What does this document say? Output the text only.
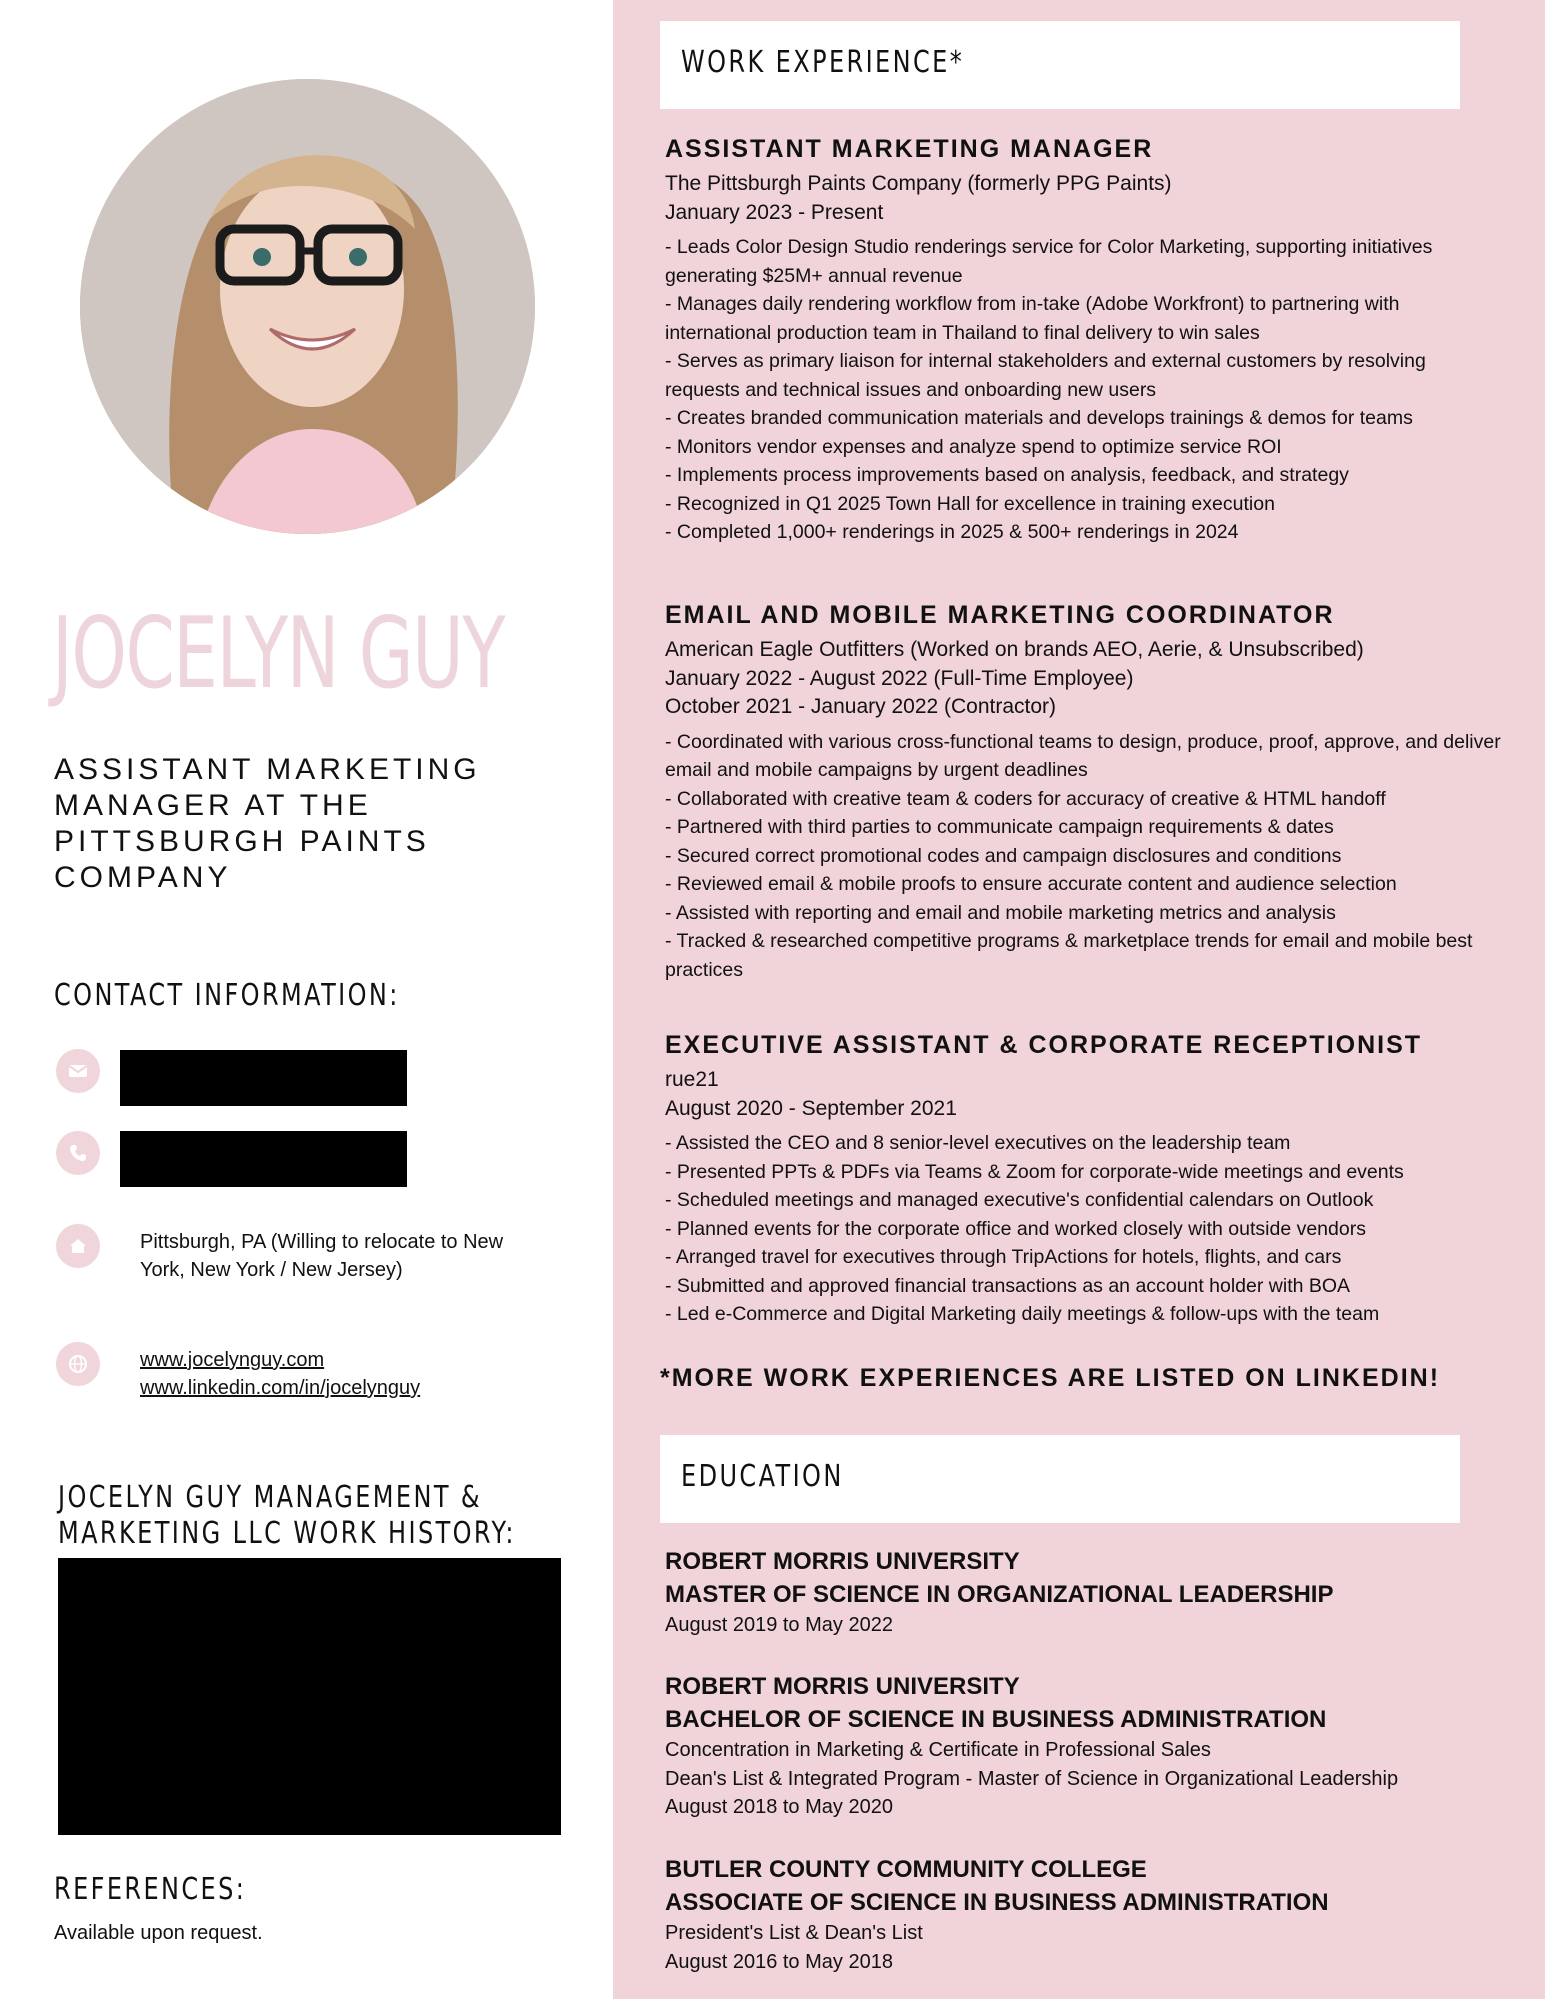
JOCELYN GUY
ASSISTANT MARKETING MANAGER AT THE PITTSBURGH PAINTS COMPANY
CONTACT INFORMATION:
Pittsburgh, PA (Willing to relocate to New York, New York / New Jersey)
www.jocelynguy.com
www.linkedin.com/in/jocelynguy
JOCELYN GUY MANAGEMENT & MARKETING LLC WORK HISTORY:
REFERENCES:
Available upon request.
WORK EXPERIENCE*
ASSISTANT MARKETING MANAGER
The Pittsburgh Paints Company (formerly PPG Paints)
January 2023 - Present
- Leads Color Design Studio renderings service for Color Marketing, supporting initiatives generating $25M+ annual revenue
- Manages daily rendering workflow from in-take (Adobe Workfront) to partnering with international production team in Thailand to final delivery to win sales
- Serves as primary liaison for internal stakeholders and external customers by resolving requests and technical issues and onboarding new users
- Creates branded communication materials and develops trainings & demos for teams
- Monitors vendor expenses and analyze spend to optimize service ROI
- Implements process improvements based on analysis, feedback, and strategy
- Recognized in Q1 2025 Town Hall for excellence in training execution
- Completed 1,000+ renderings in 2025 & 500+ renderings in 2024
EMAIL AND MOBILE MARKETING COORDINATOR
American Eagle Outfitters (Worked on brands AEO, Aerie, & Unsubscribed)
January 2022 - August 2022 (Full-Time Employee)
October 2021 - January 2022 (Contractor)
- Coordinated with various cross-functional teams to design, produce, proof, approve, and deliver email and mobile campaigns by urgent deadlines
- Collaborated with creative team & coders for accuracy of creative & HTML handoff
- Partnered with third parties to communicate campaign requirements & dates
- Secured correct promotional codes and campaign disclosures and conditions
- Reviewed email & mobile proofs to ensure accurate content and audience selection
- Assisted with reporting and email and mobile marketing metrics and analysis
- Tracked & researched competitive programs & marketplace trends for email and mobile best practices
EXECUTIVE ASSISTANT & CORPORATE RECEPTIONIST
rue21
August 2020 - September 2021
- Assisted the CEO and 8 senior-level executives on the leadership team
- Presented PPTs & PDFs via Teams & Zoom for corporate-wide meetings and events
- Scheduled meetings and managed executive's confidential calendars on Outlook
- Planned events for the corporate office and worked closely with outside vendors
- Arranged travel for executives through TripActions for hotels, flights, and cars
- Submitted and approved financial transactions as an account holder with BOA
- Led e-Commerce and Digital Marketing daily meetings & follow-ups with the team
*MORE WORK EXPERIENCES ARE LISTED ON LINKEDIN!
EDUCATION
ROBERT MORRIS UNIVERSITY
MASTER OF SCIENCE IN ORGANIZATIONAL LEADERSHIP
August 2019 to May 2022
ROBERT MORRIS UNIVERSITY
BACHELOR OF SCIENCE IN BUSINESS ADMINISTRATION
Concentration in Marketing & Certificate in Professional Sales
Dean's List & Integrated Program - Master of Science in Organizational Leadership
August 2018 to May 2020
BUTLER COUNTY COMMUNITY COLLEGE
ASSOCIATE OF SCIENCE IN BUSINESS ADMINISTRATION
President's List & Dean's List
August 2016 to May 2018
